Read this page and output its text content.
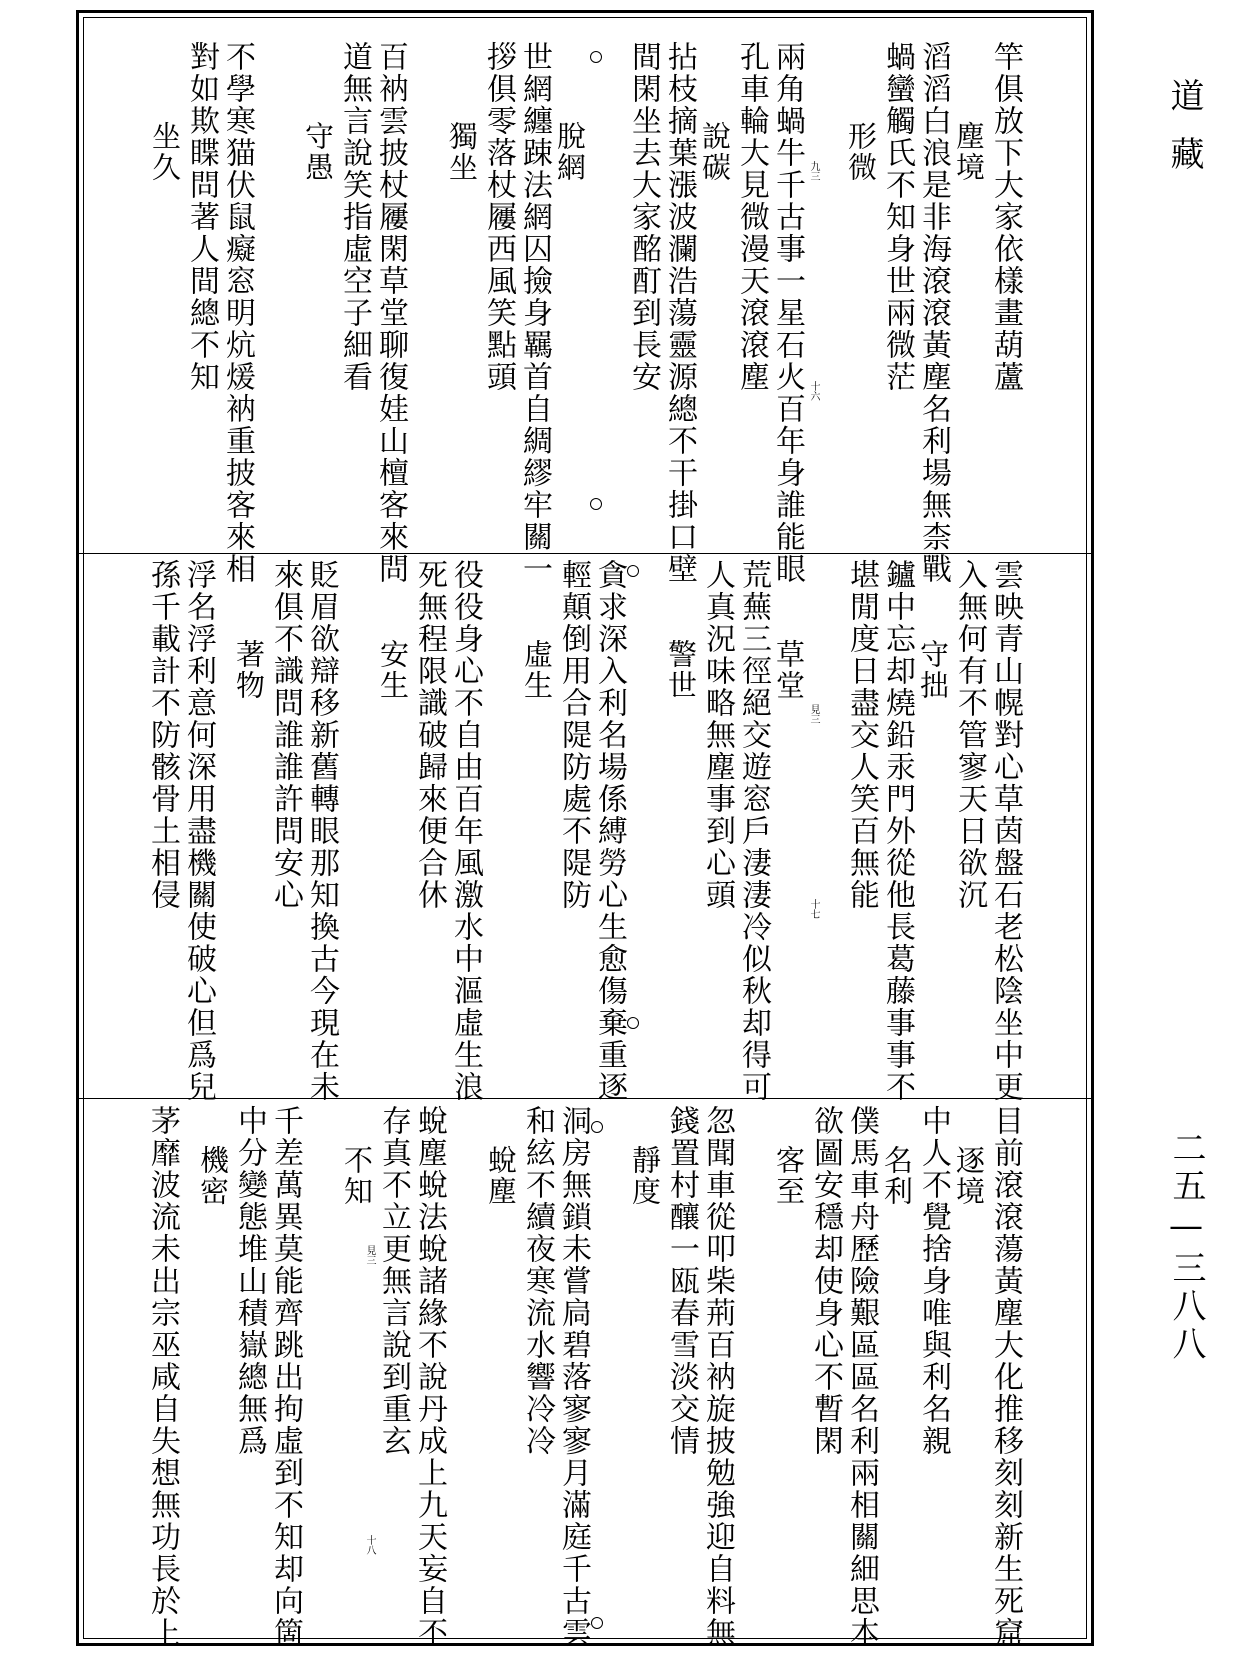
道藏
二五—三八八
竿俱放下大家依樣畫葫蘆
塵境
滔滔白浪是非海滾滾黃塵名利場無柰戰
蝸蠻觸氏不知身世兩微茫
形微
兩角蝸牛千古事一星石火百年身誰能眼
孔車輪大見微漫天滾滾塵
說碳
拈枝摘葉漲波瀾浩蕩靈源總不干掛口壁
間閑坐去大家酩酊到長安
脫網
世網纏踈法網囚撿身羈首自綢繆牢關一
拶俱零落杖屨西風笑點頭
獨坐
百衲雲披杖屨閑草堂聊復娃山檀客來問
道無言說笑指虛空子細看
守愚
不學寒猫伏鼠癡窓明炕煖衲重披客來相
對如欺䁋問著人間總不知
坐久	九三
十六
雲映青山幌對心草茵盤石老松陰坐中更
入無何有不管寥天日欲沉
守拙
鑪中忘却燒鉛汞門外從他長葛藤事事不
堪閒度日盡交人笑百無能
草堂
荒蕪三徑絕交遊窓戶淒淒冷似秋却得可
人真況味略無塵事到心頭
警世
貪求深入利名場係縛勞心生愈傷棄重逐
輕顛倒用合隄防處不隄防
虛生
役役身心不自由百年風激水中漚虛生浪
死無程限識破歸來便合休
安生
貶眉欲辯移新舊轉眼那知換古今現在未
來俱不識問誰誰許問安心
著物
浮名浮利意何深用盡機關使破心但爲兒
孫千載計不防骸骨土相侵	見三
十七
目前滾滾蕩黃塵大化推移刻刻新生死窟
逐境
中人不覺捨身唯與利名親
名利
僕馬車舟歷險艱區區名利兩相關細思本
欲圖安穩却使身心不暫閑
客至
忽聞車從叩柴荊百衲旋披勉強迎自料無
錢置村釀一瓯春雪淡交情
靜度
洞房無鎖未嘗扃碧落寥寥月滿庭千古雲
和絃不續夜寒流水響冷冷
蛻塵
蛻塵蛻法蛻諸緣不說丹成上九天妄自不
存真不立更無言說到重玄
不知
千差萬異莫能齊跳出拘虛到不知却向箇
中分變態堆山積嶽總無爲
機密
茅靡波流未出宗巫咸自失想無功長於上	見三
十八
